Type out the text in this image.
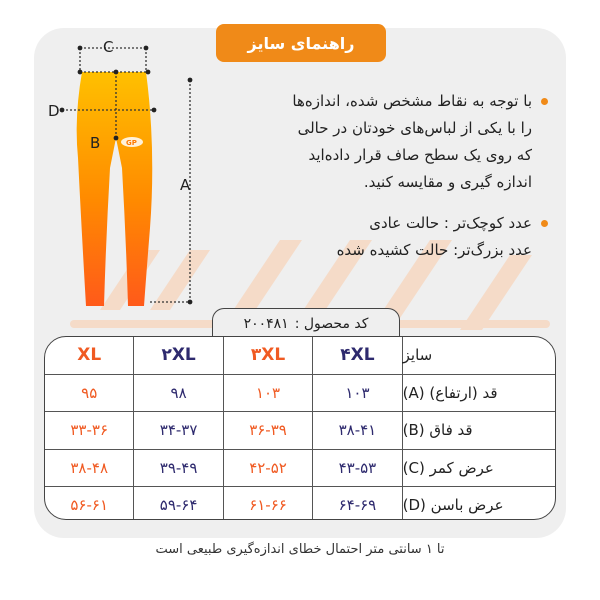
راهنمای سایز
GP
C
D
B
A

با توجه به نقاط مشخص شده، اندازه‌ها
را با یکی از لباس‌های خودتان در حالی
که روی یک سطح صاف قرار داده‌اید
اندازه گیری و مقایسه کنید.

عدد کوچک‌تر : حالت عادی
عدد بزرگ‌تر: حالت کشیده شده

کد محصول :
۲۰۰۴۸۱
XL	۲XL	۳XL	۴XL	سایز
۹۵	۹۸	۱۰۳	۱۰۳	قد (ارتفاع) (A)
۳۳-۳۶	۳۴-۳۷	۳۶-۳۹	۳۸-۴۱	قد فاق (B)
۳۸-۴۸	۳۹-۴۹	۴۲-۵۲	۴۳-۵۳	عرض کمر (C)
۵۶-۶۱	۵۹-۶۴	۶۱-۶۶	۶۴-۶۹	عرض باسن (D)
تا ۱ سانتی متر احتمال خطای اندازه‌گیری طبیعی است
